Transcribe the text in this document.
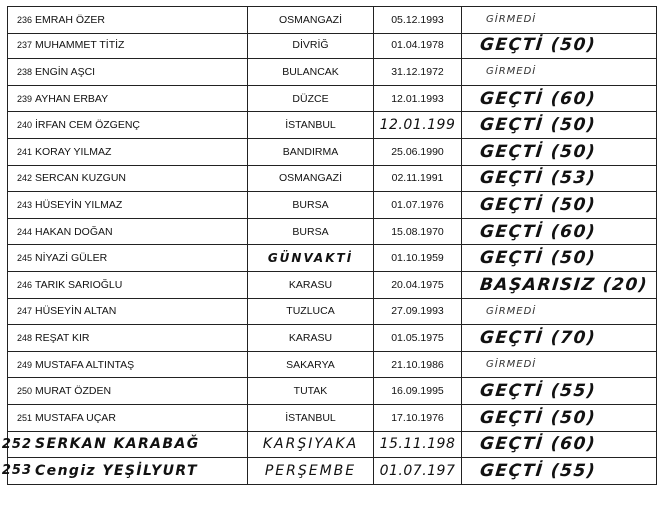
236 EMRAH ÖZER	OSMANGAZİ	05.12.1993	GİRMEDİ
237 MUHAMMET TİTİZ	DİVRİĞ	01.04.1978 GEÇTİ (50)
238 ENGİN AŞCI	BULANCAK	31.12.1972	GİRMEDİ
239 AYHAN ERBAY	DÜZCE	12.01.1993 GEÇTİ (60)
240 İRFAN CEM ÖZGENÇ	İSTANBUL	12.01.199 GEÇTİ (50)
241 KORAY YILMAZ	BANDIRMA	25.06.1990 GEÇTİ (50)
242 SERCAN KUZGUN	OSMANGAZİ	02.11.1991 GEÇTİ (53)
243 HÜSEYİN YILMAZ	BURSA	01.07.1976 GEÇTİ (50)
244 HAKAN DOĞAN	BURSA	15.08.1970 GEÇTİ (60)
245 NİYAZİ GÜLER	GÜNVAKTİ	01.10.1959 GEÇTİ (50)
246 TARIK SARIOĞLU	KARASU	20.04.1975 BAŞARISIZ (20)
247 HÜSEYİN ALTAN	TUZLUCA	27.09.1993	GİRMEDİ
248 REŞAT KIR	KARASU	01.05.1975 GEÇTİ (70)
249 MUSTAFA ALTINTAŞ	SAKARYA	21.10.1986	GİRMEDİ
250 MURAT ÖZDEN	TUTAK	16.09.1995 GEÇTİ (55)
251 MUSTAFA UÇAR	İSTANBUL	17.10.1976 GEÇTİ (50)
252 SERKAN KARABAĞ	KARŞIYAKA 15.11.198 GEÇTİ (60)
253 Cengiz YEŞİLYURT	PERŞEMBE 01.07.197 GEÇTİ (55)
